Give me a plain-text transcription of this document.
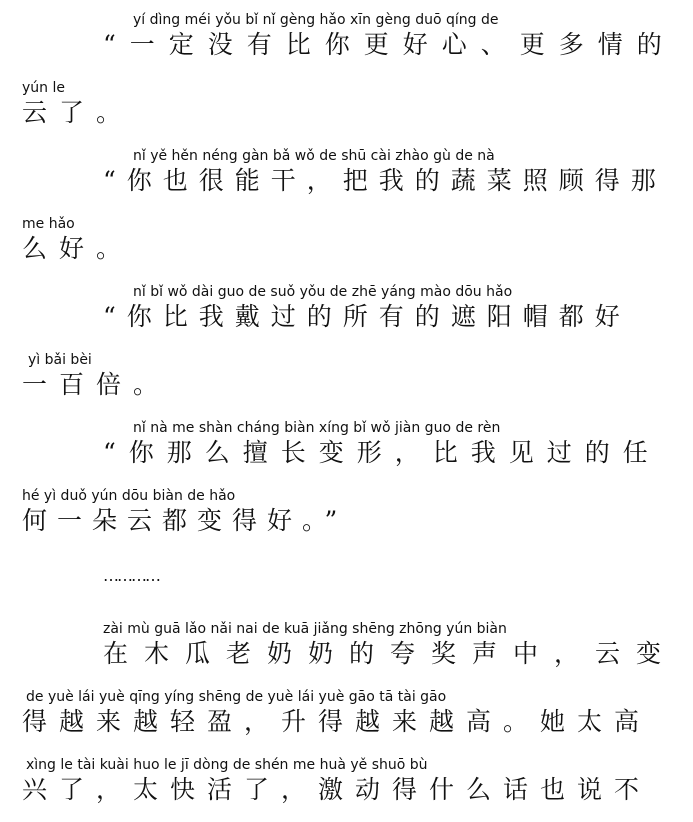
yí dìng méi yǒu bǐ nǐ gèng hǎo xīn gèng duō qíng de
“一定没有比你更好心、更多情的
yún le
云了。
nǐ yě hěn néng gàn bǎ wǒ de shū cài zhào gù de nà
“你也很能干，把我的蔬菜照顾得那
me hǎo
么好。
nǐ bǐ wǒ dài guo de suǒ yǒu de zhē yáng mào dōu hǎo
“你比我戴过的所有的遮阳帽都好
yì bǎi bèi
一百倍。
nǐ nà me shàn cháng biàn xíng bǐ wǒ jiàn guo de rèn
“你那么擅长变形，比我见过的任
hé yì duǒ yún dōu biàn de hǎo
何一朵云都变得好。”
…………
zài mù guā lǎo nǎi nai de kuā jiǎng shēng zhōng yún biàn
在木瓜老奶奶的夸奖声中，云变
de yuè lái yuè qīng yíng shēng de yuè lái yuè gāo tā tài gāo
得越来越轻盈，升得越来越高。她太高
xìng le tài kuài huo le jī dòng de shén me huà yě shuō bù
兴了，太快活了，激动得什么话也说不
